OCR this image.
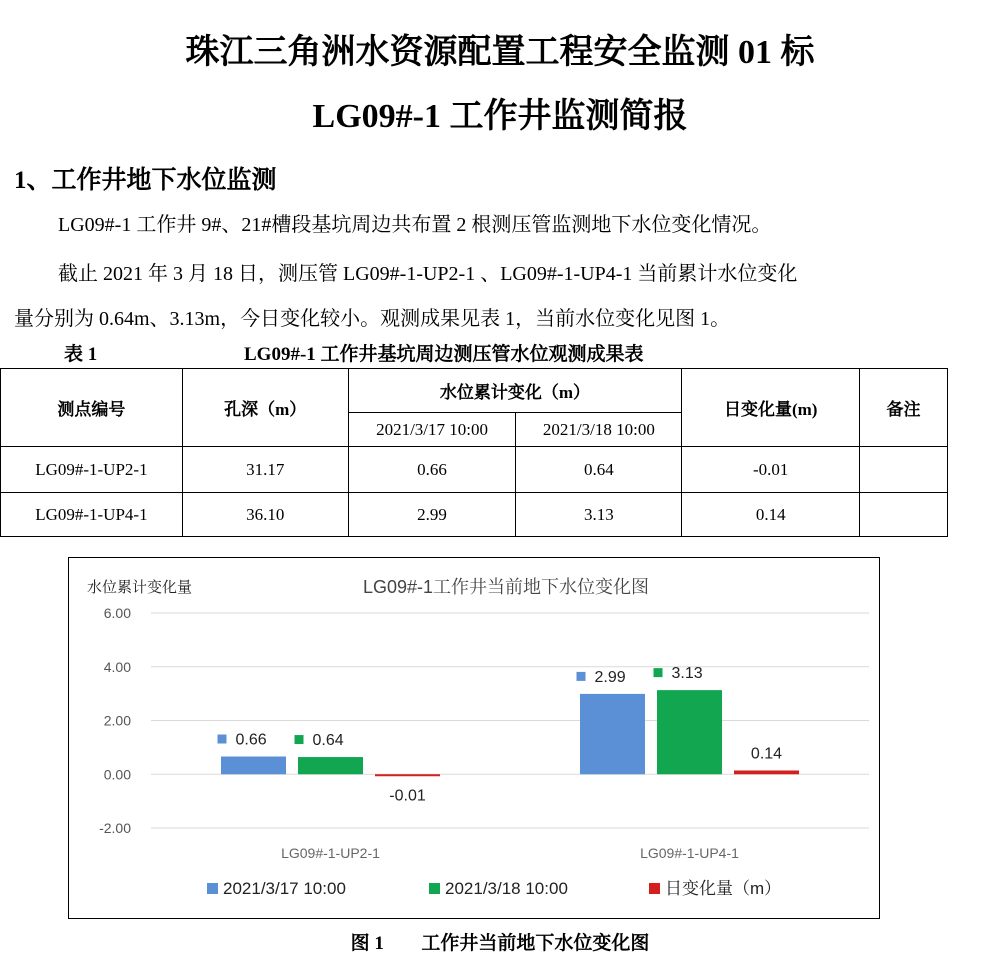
珠江三角洲水资源配置工程安全监测 01 标
LG09#-1 工作井监测简报
1、工作井地下水位监测
LG09#-1 工作井 9#、21#槽段基坑周边共布置 2 根测压管监测地下水位变化情况。
截止 2021 年 3 月 18 日，测压管 LG09#-1-UP2-1 、LG09#-1-UP4-1 当前累计水位变化
量分别为 0.64m、3.13m，今日变化较小。观测成果见表 1，当前水位变化见图 1。
表 1	LG09#-1 工作井基坑周边测压管水位观测成果表
测点编号	孔深（m）	水位累计变化（m）		日变化量(m)	备注
		2021/3/17 10:00	2021/3/18 10:00		
LG09#-1-UP2-1	31.17	0.66	0.64	-0.01	
LG09#-1-UP4-1	36.10	2.99	3.13	0.14	
LG09#-1工作井当前地下水位变化图
水位累计变化量
6.00
4.00
2.00
0.00
-2.00
0.66	0.64
-0.01
LG09#-1-UP2-1
2.99	3.13
0.14
LG09#-1-UP4-1
2021/3/17 10:00	2021/3/18 10:00	日变化量（m）
图 1 工作井当前地下水位变化图
